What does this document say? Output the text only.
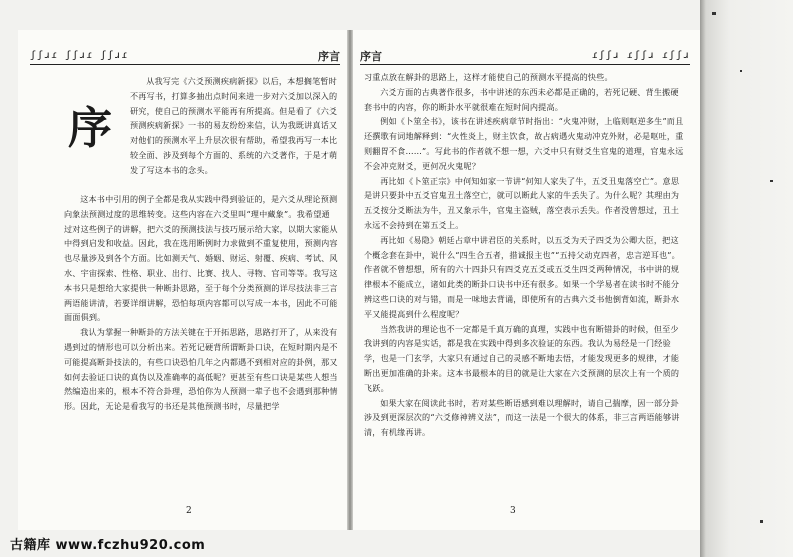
ʃʃɹɾ ʃʃɹɾ ʃʃɹɾ	序言
序

从我写完《六爻预测疾病新探》以后，本想搁笔暂时不再写书，打算多抽出点时间来进一步对六爻加以深入的研究，使自己的预测水平能再有所提高。但是看了《六爻预测疾病新探》一书的易友纷纷来信，认为我既讲真话又对他们的预测水平上升层次很有帮助，希望我再写一本比较全面、涉及到每个方面的、系统的六爻著作，于是才萌发了写这本书的念头。

这本书中引用的例子全都是我从实践中得到验证的，是六爻从理论预测向象法预测过度的思维转变。这些内容在六爻里叫“理中藏象”。我希望通过对这些例子的讲解，把六爻的预测技法与技巧展示给大家，以期大家能从中得到启发和收益。因此，我在选用断例时力求做到不重复使用，预测内容也尽量涉及到各个方面。比如测天气、婚姻、财运、射覆、疾病、考试、风水、宇宙探索、性格、职业、出行、比赛、找人、寻物、官司等等。我写这本书只是想给大家提供一种断卦思路，至于每个分类预测的详尽技法非三言两语能讲清，若要详细讲解，恐怕每项内容都可以写成一本书，因此不可能面面俱到。

我认为掌握一种断卦的方法关键在于开拓思路，思路打开了，从来没有遇到过的情形也可以分析出来。若死记硬背所谓断卦口诀，在短时期内是不可能提高断卦技法的，有些口诀恐怕几年之内都遇不到相对应的卦例，那又如何去验证口诀的真伪以及准确率的高低呢？更甚至有些口诀是某些人想当然编造出来的，根本不符合卦理，恐怕你为人预测一辈子也不会遇到那种情形。因此，无论是看我写的书还是其他预测书时，尽量把学

2
序言	ɾʃʃɹ ɾʃʃɹ ɾʃʃɹ

习重点放在解卦的思路上，这样才能使自己的预测水平提高的快些。

六爻方面的古典著作很多，书中讲述的东西未必都是正确的，若死记硬、背生搬硬套书中的内容，你的断卦水平就很难在短时间内提高。

例如《卜筮全书》，该书在讲述疾病章节时指出：“火鬼冲财，上临则呕逆多生”而且还撰歌有词地解释到：“火性炎上，财主饮食，故占病遇火鬼动冲克外财，必是呕吐，重则翻胃不食……”。写此书的作者就不想一想，六爻中只有财爻生官鬼的道理，官鬼永远不会冲克财爻，更何况火鬼呢？

再比如《卜筮正宗》中何知如家一节讲“何知人家失了牛，五爻丑鬼落空亡”。意思是讲只要卦中五爻官鬼丑土落空亡，就可以断此人家的牛丢失了。为什么呢？其理由为五爻按分爻断法为牛，丑又象示牛，官鬼主盗贼，落空表示丢失。作者没曾想过，丑土永远不会持到在第五爻上。

再比如《易隐》朝廷占章中讲君臣的关系时，以五爻为天子四爻为公卿大臣，把这个概念套在卦中，说什么“四生合五者，措诚报主也”“五持父动克四者，忠言逆耳也”。作者就不曾想想，所有的六十四卦只有四爻克五爻或五爻生四爻两种情况，书中讲的规律根本不能成立，诸如此类的断卦口诀书中还有很多。如果一个学易者在读书时不能分辨这些口诀的对与错，而是一味地去背诵，即使所有的古典六爻书他倒背如流，断卦水平又能提高到什么程度呢？

当然我讲的理论也不一定都是千真万确的真理，实践中也有断错卦的时候，但至少我讲到的内容是实话，都是我在实践中得到多次验证的东西。我认为易经是一门经验学，也是一门玄学，大家只有通过自己的灵感不断地去悟，才能发现更多的规律，才能断出更加准确的卦来。这本书最根本的目的就是让大家在六爻预测的层次上有一个质的飞跃。

如果大家在阅读此书时，若对某些断语感到难以理解时，请自己揣摩，因一部分卦涉及到更深层次的“六爻修神辨义法”，而这一法是一个很大的体系，非三言两语能够讲清，有机缘再讲。

3
古籍库 www.fczhu920.com
